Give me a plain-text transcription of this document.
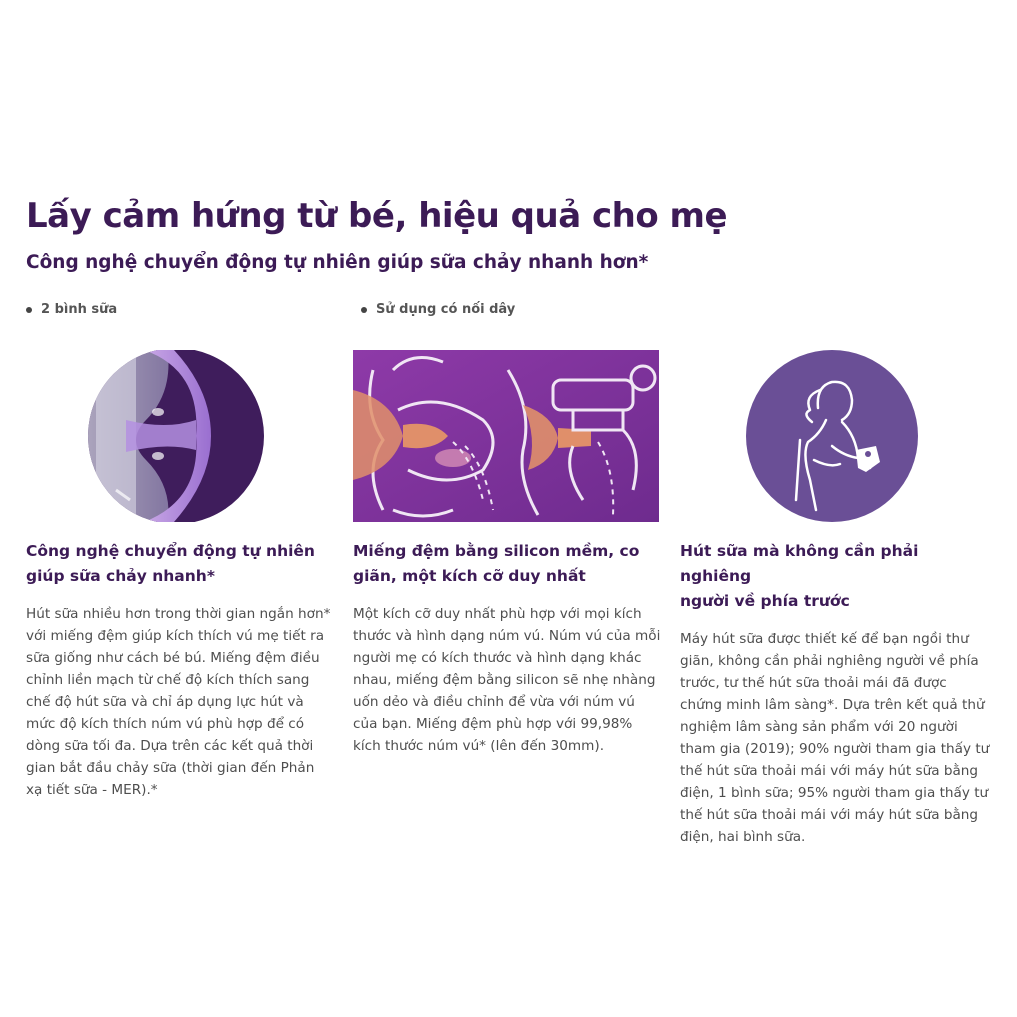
Lấy cảm hứng từ bé, hiệu quả cho mẹ
Công nghệ chuyển động tự nhiên giúp sữa chảy nhanh hơn*
2 bình sữa	Sử dụng có nối dây
Công nghệ chuyển động tự nhiên
giúp sữa chảy nhanh*
Hút sữa nhiều hơn trong thời gian ngắn hơn* với miếng đệm giúp kích thích vú mẹ tiết ra sữa giống như cách bé bú. Miếng đệm điều chỉnh liền mạch từ chế độ kích thích sang chế độ hút sữa và chỉ áp dụng lực hút và mức độ kích thích núm vú phù hợp để có dòng sữa tối đa. Dựa trên các kết quả thời gian bắt đầu chảy sữa (thời gian đến Phản xạ tiết sữa - MER).*
Miếng đệm bằng silicon mềm, co
giãn, một kích cỡ duy nhất
Một kích cỡ duy nhất phù hợp với mọi kích thước và hình dạng núm vú. Núm vú của mỗi người mẹ có kích thước và hình dạng khác nhau, miếng đệm bằng silicon sẽ nhẹ nhàng uốn dẻo và điều chỉnh để vừa với núm vú của bạn. Miếng đệm phù hợp với 99,98% kích thước núm vú* (lên đến 30mm).
Hút sữa mà không cần phải nghiêng
người về phía trước
Máy hút sữa được thiết kế để bạn ngồi thư giãn, không cần phải nghiêng người về phía trước, tư thế hút sữa thoải mái đã được chứng minh lâm sàng*. Dựa trên kết quả thử nghiệm lâm sàng sản phẩm với 20 người tham gia (2019); 90% người tham gia thấy tư thế hút sữa thoải mái với máy hút sữa bằng điện, 1 bình sữa; 95% người tham gia thấy tư thế hút sữa thoải mái với máy hút sữa bằng điện, hai bình sữa.
